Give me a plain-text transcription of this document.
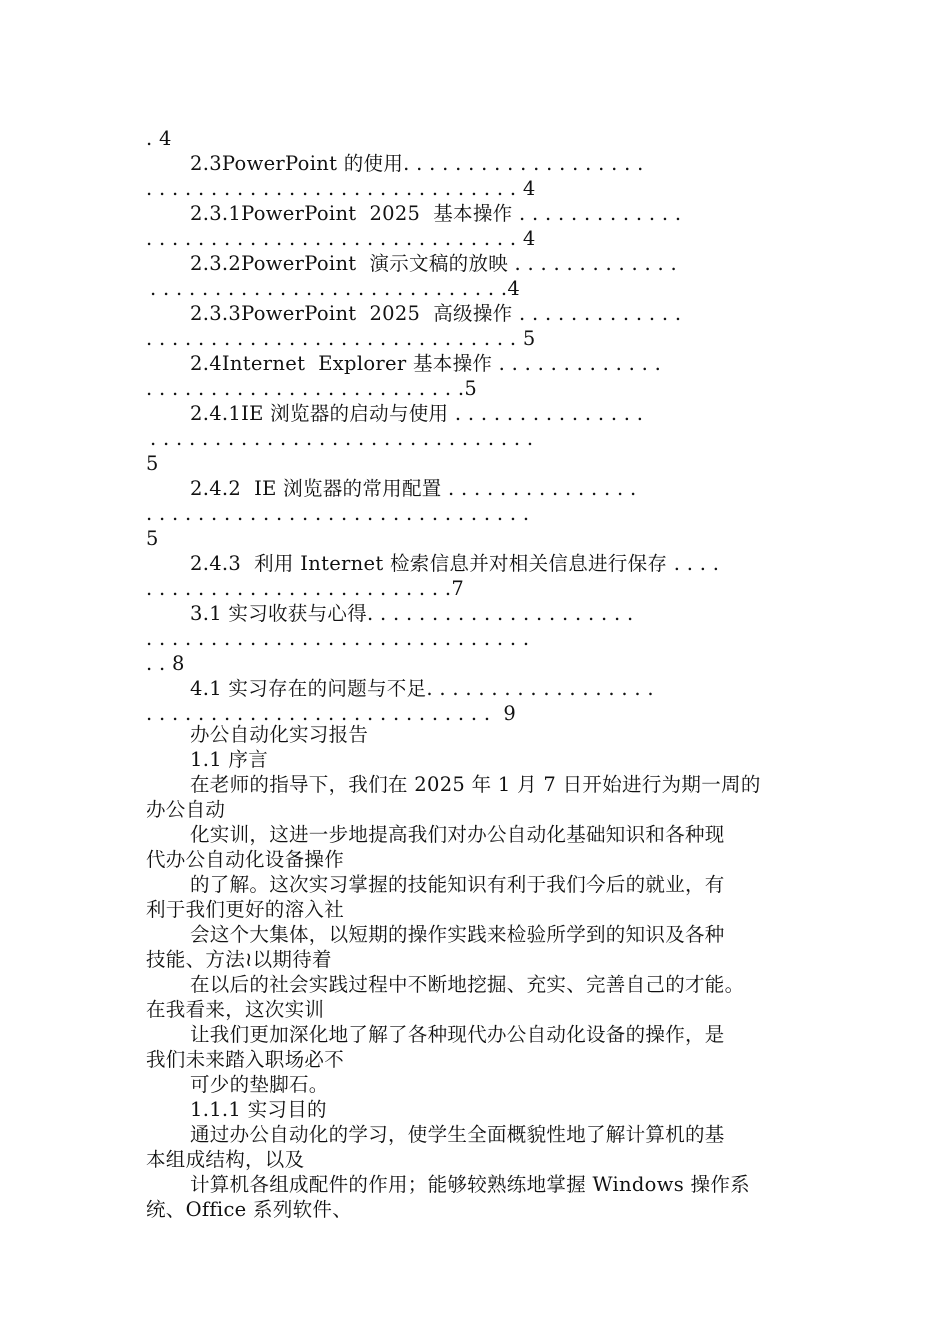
. 4
2.3PowerPoint 的使用. . . . . . . . . . . . . . . . . . .
. . . . . . . . . . . . . . . . . . . . . . . . . . . . . 4
2.3.1PowerPoint  2025  基本操作 . . . . . . . . . . . . .
. . . . . . . . . . . . . . . . . . . . . . . . . . . . . 4
2.3.2PowerPoint  演示文稿的放映 . . . . . . . . . . . . .
. . . . . . . . . . . . . . . . . . . . . . . . . . . .4
2.3.3PowerPoint  2025  高级操作 . . . . . . . . . . . . .
. . . . . . . . . . . . . . . . . . . . . . . . . . . . . 5
2.4Internet  Explorer 基本操作 . . . . . . . . . . . . .
. . . . . . . . . . . . . . . . . . . . . . . . .5
2.4.1IE 浏览器的启动与使用 . . . . . . . . . . . . . . .
. . . . . . . . . . . . . . . . . . . . . . . . . . . . . .
5
2.4.2  IE 浏览器的常用配置 . . . . . . . . . . . . . . .
. . . . . . . . . . . . . . . . . . . . . . . . . . . . . .
5
2.4.3  利用 Internet 检索信息并对相关信息进行保存 . . . .
. . . . . . . . . . . . . . . . . . . . . . . .7
3.1 实习收获与心得. . . . . . . . . . . . . . . . . . . . .
. . . . . . . . . . . . . . . . . . . . . . . . . . . . . .
. . 8
4.1 实习存在的问题与不足. . . . . . . . . . . . . . . . . .
. . . . . . . . . . . . . . . . . . . . . . . . . . .  9
办公自动化实习报告
1.1 序言
在老师的指导下，我们在 2025 年 1 月 7 日开始进行为期一周的
办公自动
化实训，这进一步地提高我们对办公自动化基础知识和各种现
代办公自动化设备操作
的了解。这次实习掌握的技能知识有利于我们今后的就业，有
利于我们更好的溶入社
会这个大集体，以短期的操作实践来检验所学到的知识及各种
技能、方法≀以期待着
在以后的社会实践过程中不断地挖掘、充实、完善自己的才能。
在我看来，这次实训
让我们更加深化地了解了各种现代办公自动化设备的操作，是
我们未来踏入职场必不
可少的垫脚石。
1.1.1 实习目的
通过办公自动化的学习，使学生全面概貌性地了解计算机的基
本组成结构，以及
计算机各组成配件的作用；能够较熟练地掌握 Windows 操作系
统、Office 系列软件、
